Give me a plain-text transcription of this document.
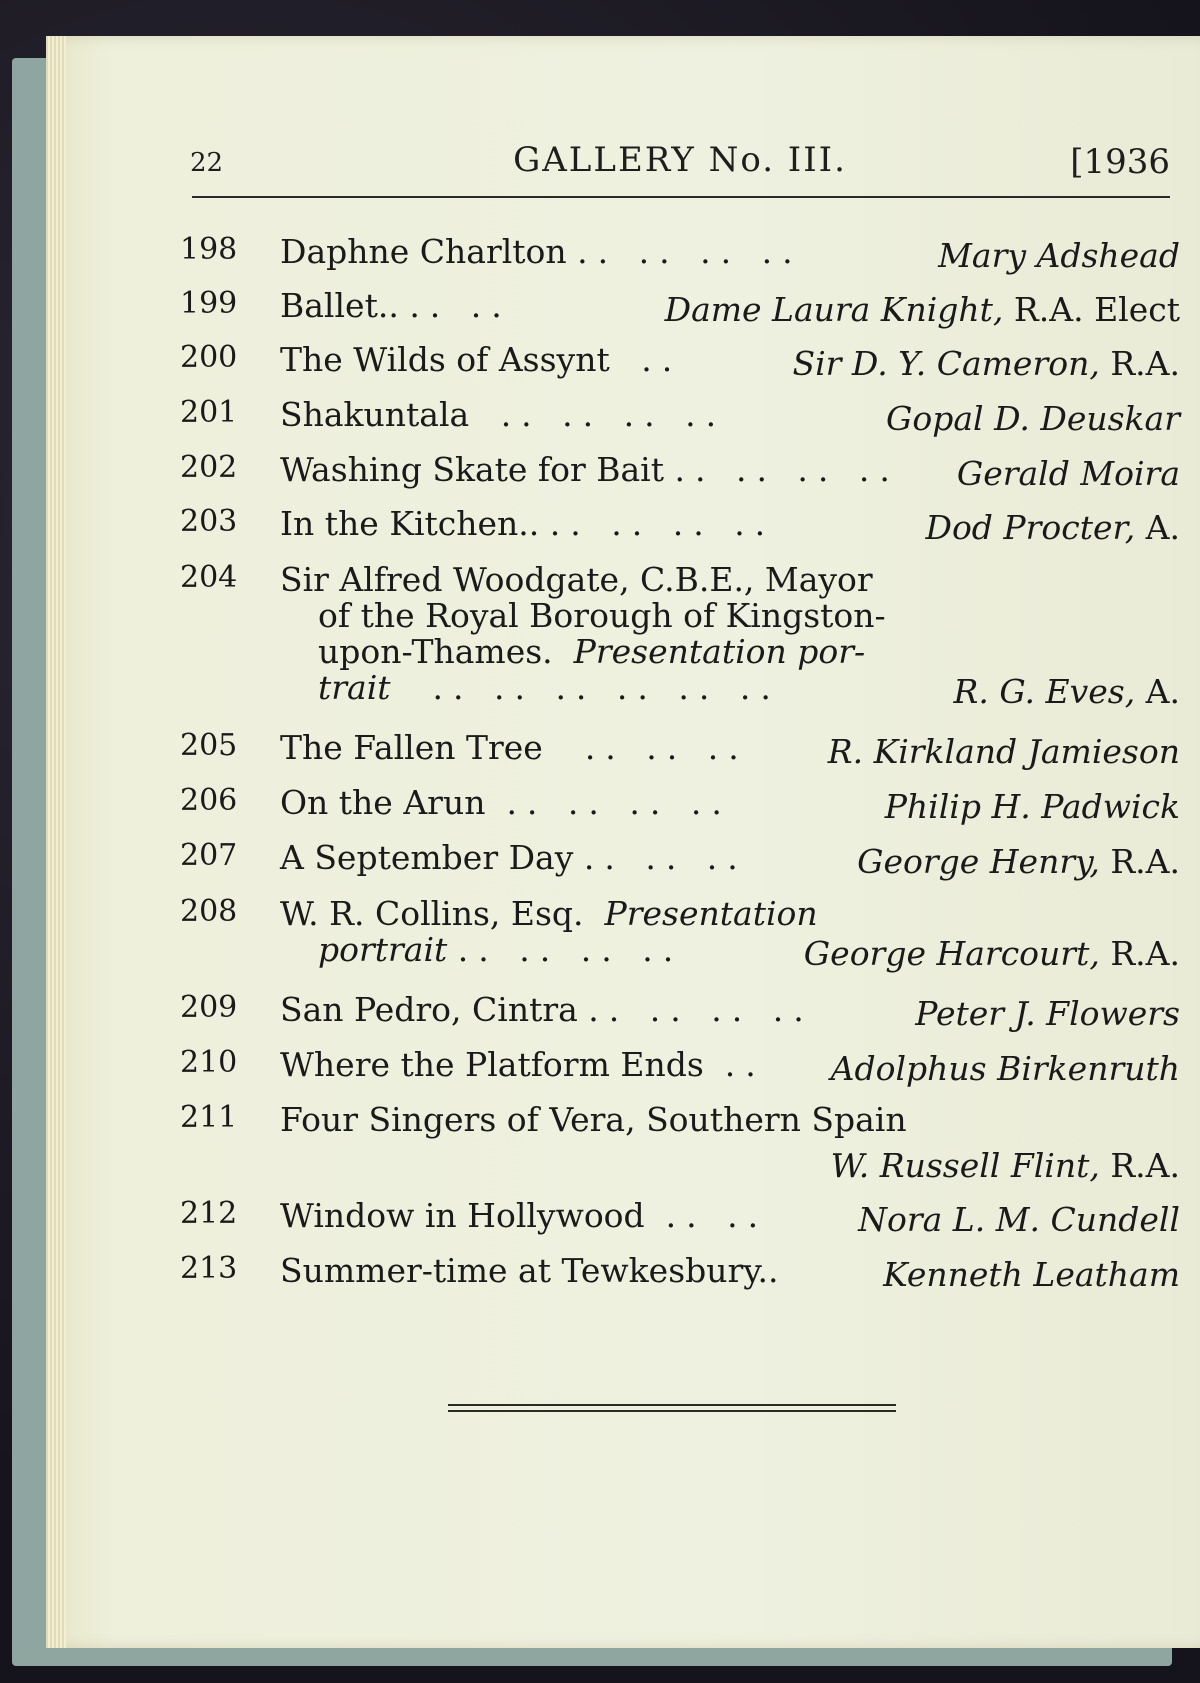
22	GALLERY No. III.	[1936
198	Daphne Charlton .. .. .. ..	Mary Adshead
199	Ballet.. .. ..	Dame Laura Knight, R.A. Elect
200	The Wilds of Assynt ..	Sir D. Y. Cameron, R.A.
201	Shakuntala .. .. .. ..	Gopal D. Deuskar
202	Washing Skate for Bait .. .. .. .. Gerald Moira
203	In the Kitchen.. .. .. .. ..	Dod Procter, A.
204	Sir Alfred Woodgate, C.B.E., Mayor
of the Royal Borough of Kingston-
upon-Thames. Presentation por-
trait .. .. .. .. .. ..	R. G. Eves, A.
205	The Fallen Tree .. .. .. R. Kirkland Jamieson
206	On the Arun .. .. .. ..	Philip H. Padwick
207	A September Day .. .. ..	George Henry, R.A.
208	W. R. Collins, Esq. Presentation
portrait .. .. .. ..	George Harcourt, R.A.
209	San Pedro, Cintra .. .. .. ..	Peter J. Flowers
210	Where the Platform Ends .. Adolphus Birkenruth
211	Four Singers of Vera, Southern Spain
W. Russell Flint, R.A.
212	Window in Hollywood .. ..	Nora L. M. Cundell
213	Summer-time at Tewkesbury..	Kenneth Leatham
